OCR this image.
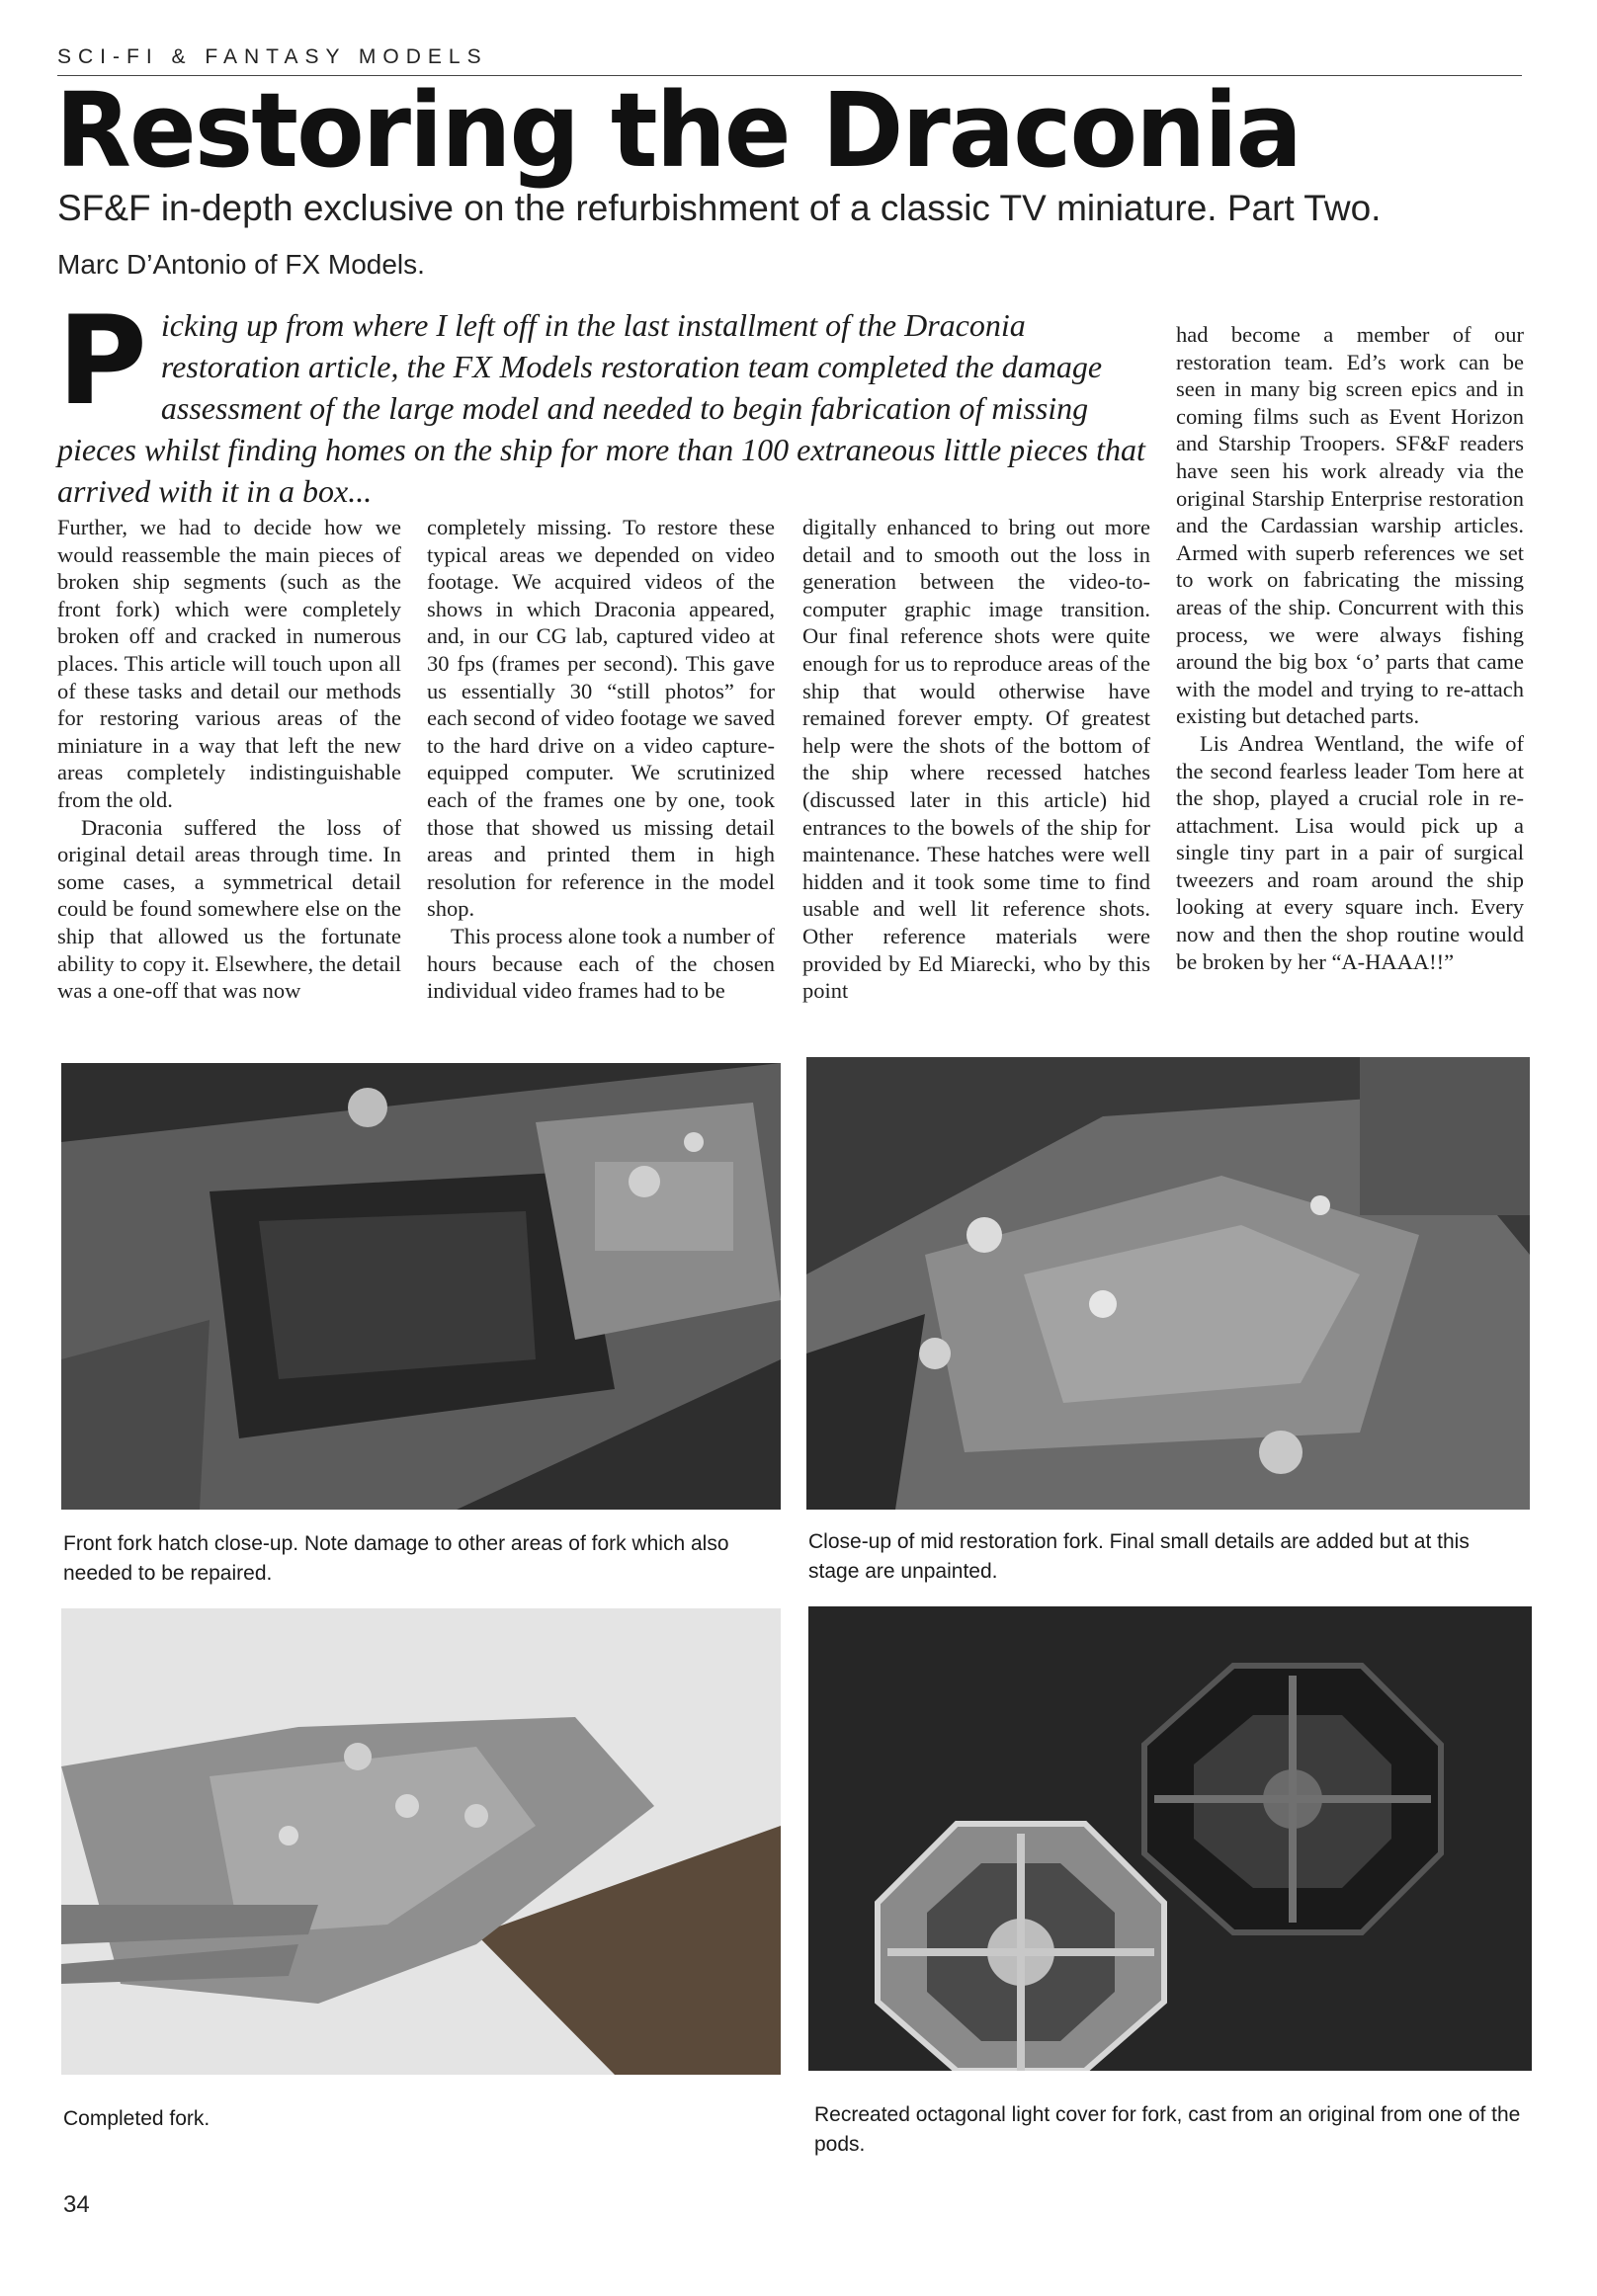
SCI-FI & FANTASY MODELS
Restoring the Draconia
SF&F in-depth exclusive on the refurbishment of a classic TV miniature. Part Two.
Marc D’Antonio of FX Models.
P icking up from where I left off in the last installment of the Draconia restoration article, the FX Models restoration team completed the damage assessment of the large model and needed to begin fabrication of missing pieces whilst finding homes on the ship for more than 100 extraneous little pieces that arrived with it in a box...

Further, we had to decide how we would reassemble the main pieces of broken ship segments (such as the front fork) which were completely broken off and cracked in numerous places. This article will touch upon all of these tasks and detail our methods for restoring various areas of the miniature in a way that left the new areas completely indistinguishable from the old.

Draconia suffered the loss of original detail areas through time. In some cases, a symmetrical detail could be found somewhere else on the ship that allowed us the fortunate ability to copy it. Elsewhere, the detail was a one-off that was now

completely missing. To restore these typical areas we depended on video footage. We acquired videos of the shows in which Draconia appeared, and, in our CG lab, captured video at 30 fps (frames per second). This gave us essentially 30 “still photos” for each second of video footage we saved to the hard drive on a video capture-equipped computer. We scrutinized each of the frames one by one, took those that showed us missing detail areas and printed them in high resolution for reference in the model shop.

This process alone took a number of hours because each of the chosen individual video frames had to be

digitally enhanced to bring out more detail and to smooth out the loss in generation between the video-to-computer graphic image transition. Our final reference shots were quite enough for us to reproduce areas of the ship that would otherwise have remained forever empty. Of greatest help were the shots of the bottom of the ship where recessed hatches (discussed later in this article) hid entrances to the bowels of the ship for maintenance. These hatches were well hidden and it took some time to find usable and well lit reference shots. Other reference materials were provided by Ed Miarecki, who by this point

had become a member of our restoration team. Ed’s work can be seen in many big screen epics and in coming films such as Event Horizon and Starship Troopers. SF&F readers have seen his work already via the original Starship Enterprise restoration and the Cardassian warship articles. Armed with superb references we set to work on fabricating the missing areas of the ship. Concurrent with this process, we were always fishing around the big box ‘o’ parts that came with the model and trying to re-attach existing but detached parts.

Lis Andrea Wentland, the wife of the second fearless leader Tom here at the shop, played a crucial role in re-attachment. Lisa would pick up a single tiny part in a pair of surgical tweezers and roam around the ship looking at every square inch. Every now and then the shop routine would be broken by her “A-HAAA!!”

Front fork hatch close-up. Note damage to other areas of fork which also needed to be repaired.
Close-up of mid restoration fork. Final small details are added but at this stage are unpainted.
Completed fork.	Recreated octagonal light cover for fork, cast from an original from one of the pods.
34
